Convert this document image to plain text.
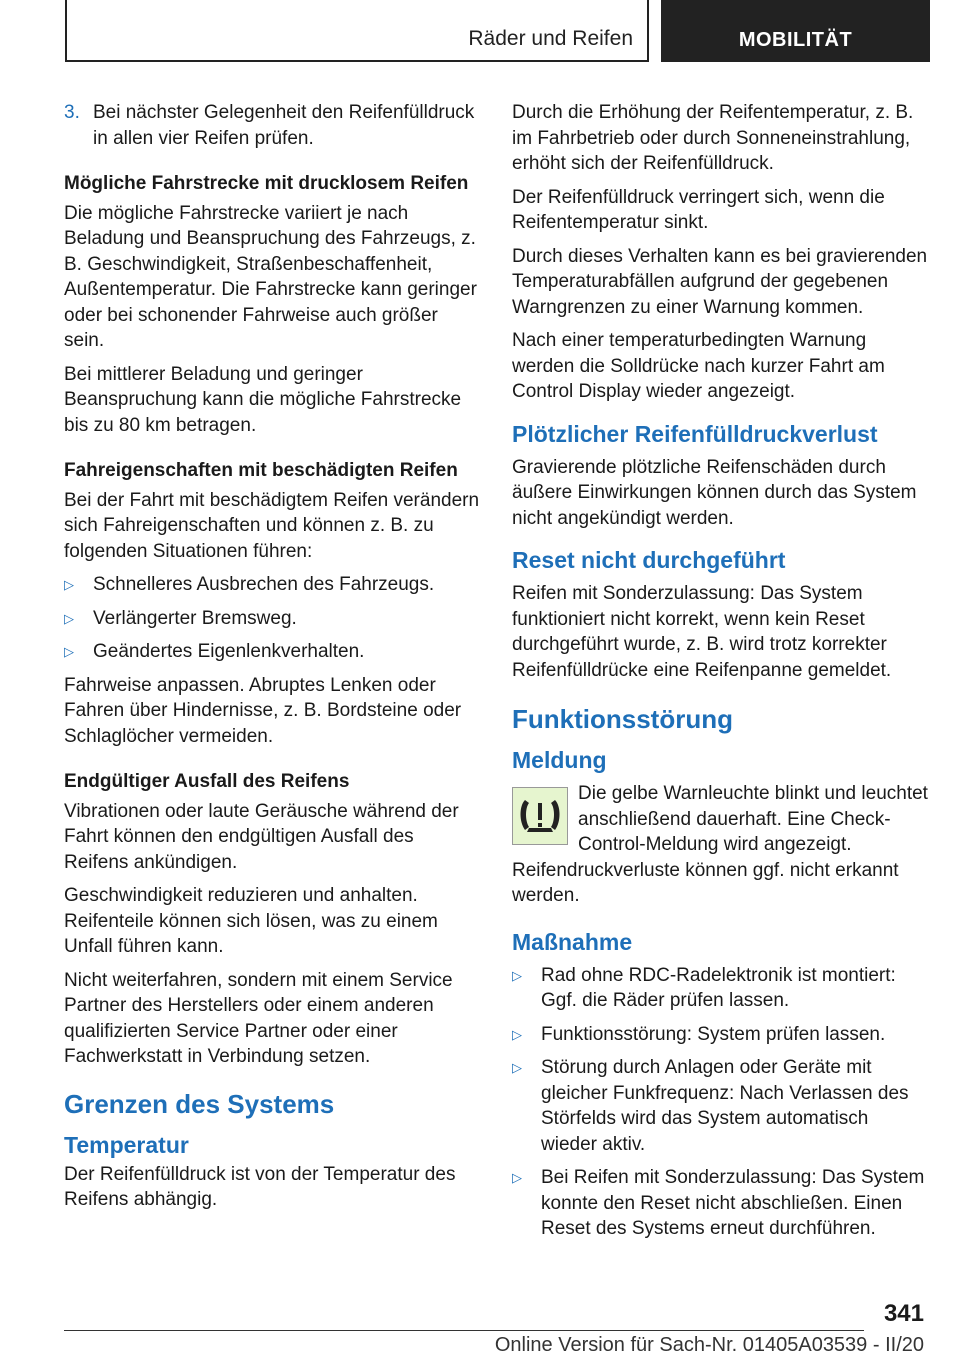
Räder und Reifen	MOBILITÄT
3. Bei nächster Gelegenheit den Reifenfülldruck in allen vier Reifen prüfen.
Mögliche Fahrstrecke mit drucklosem Reifen

Die mögliche Fahrstrecke variiert je nach Beladung und Beanspruchung des Fahrzeugs, z. B. Geschwindigkeit, Straßenbeschaffenheit, Außentemperatur. Die Fahrstrecke kann geringer oder bei schonender Fahrweise auch größer sein.

Bei mittlerer Beladung und geringer Beanspruchung kann die mögliche Fahrstrecke bis zu 80 km betragen.

Fahreigenschaften mit beschädigten Reifen

Bei der Fahrt mit beschädigtem Reifen verändern sich Fahreigenschaften und können z. B. zu folgenden Situationen führen:

▷	Schnelleres Ausbrechen des Fahrzeugs.
▷	Verlängerter Bremsweg.
▷	Geändertes Eigenlenkverhalten.

Fahrweise anpassen. Abruptes Lenken oder Fahren über Hindernisse, z. B. Bordsteine oder Schlaglöcher vermeiden.

Endgültiger Ausfall des Reifens

Vibrationen oder laute Geräusche während der Fahrt können den endgültigen Ausfall des Reifens ankündigen.

Geschwindigkeit reduzieren und anhalten. Reifenteile können sich lösen, was zu einem Unfall führen kann.

Nicht weiterfahren, sondern mit einem Service Partner des Herstellers oder einem anderen qualifizierten Service Partner oder einer Fachwerkstatt in Verbindung setzen.

Grenzen des Systems
Temperatur

Der Reifenfülldruck ist von der Temperatur des Reifens abhängig.

Durch die Erhöhung der Reifentemperatur, z. B. im Fahrbetrieb oder durch Sonneneinstrahlung, erhöht sich der Reifenfülldruck.

Der Reifenfülldruck verringert sich, wenn die Reifentemperatur sinkt.

Durch dieses Verhalten kann es bei gravierenden Temperaturabfällen aufgrund der gegebenen Warngrenzen zu einer Warnung kommen.

Nach einer temperaturbedingten Warnung werden die Solldrücke nach kurzer Fahrt am Control Display wieder angezeigt.

Plötzlicher Reifenfülldruckverlust

Gravierende plötzliche Reifenschäden durch äußere Einwirkungen können durch das System nicht angekündigt werden.

Reset nicht durchgeführt

Reifen mit Sonderzulassung: Das System funktioniert nicht korrekt, wenn kein Reset durchgeführt wurde, z. B. wird trotz korrekter Reifenfülldrücke eine Reifenpanne gemeldet.

Funktionsstörung
Meldung

Die gelbe Warnleuchte blinkt und leuchtet anschließend dauerhaft. Eine Check-Control-Meldung wird angezeigt. Reifendruckverluste können ggf. nicht erkannt werden.

Maßnahme
▷	Rad ohne RDC-Radelektronik ist montiert: Ggf. die Räder prüfen lassen.
▷	Funktionsstörung: System prüfen lassen.
▷	Störung durch Anlagen oder Geräte mit gleicher Funkfrequenz: Nach Verlassen des Störfelds wird das System automatisch wieder aktiv.
▷	Bei Reifen mit Sonderzulassung: Das System konnte den Reset nicht abschließen. Einen Reset des Systems erneut durchführen.
341
Online Version für Sach-Nr. 01405A03539 - II/20
